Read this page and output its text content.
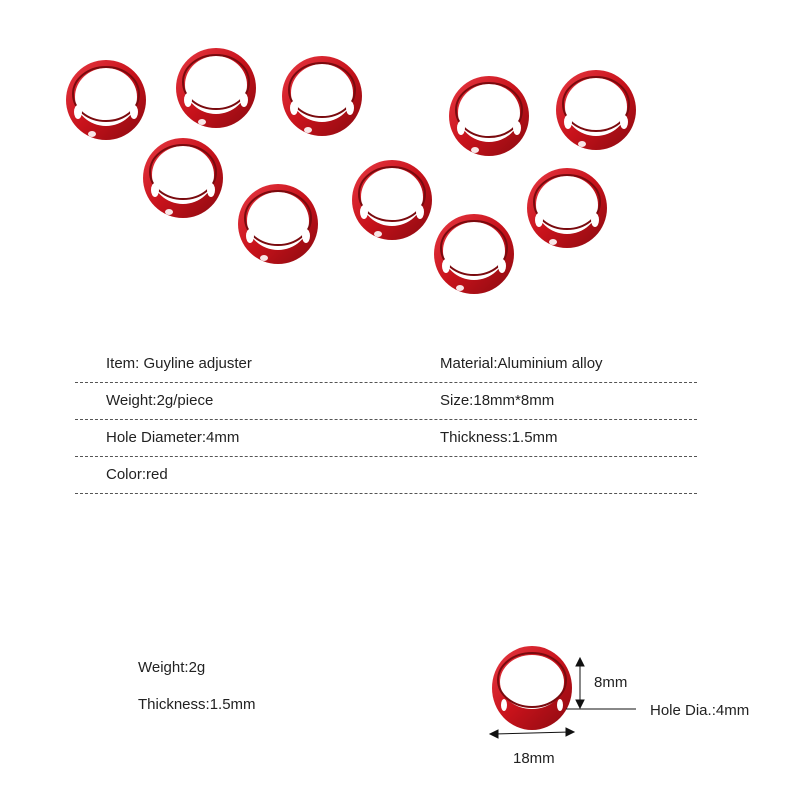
Item: Guyline adjuster	Material:Aluminium alloy
Weight:2g/piece	Size:18mm*8mm
Hole Diameter:4mm	Thickness:1.5mm
Color:red
Weight:2g
Thickness:1.5mm
8mm
18mm
Hole Dia.:4mm
